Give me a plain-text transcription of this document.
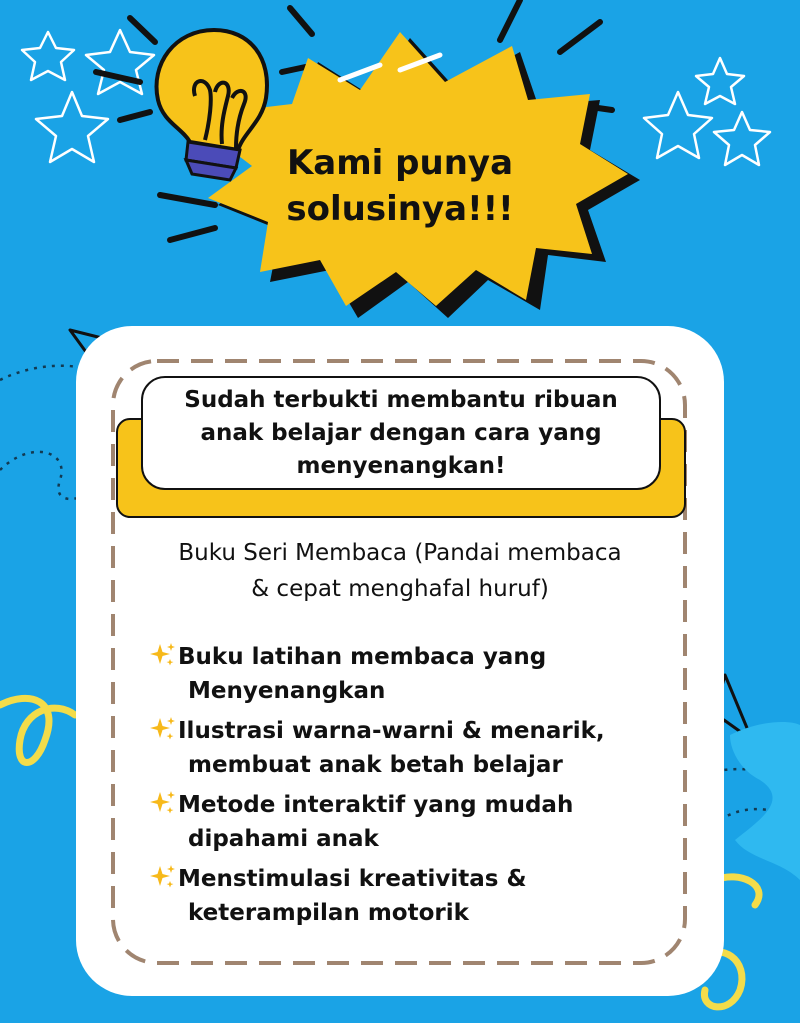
Kami punya
solusinya!!!
Sudah terbukti membantu ribuan anak belajar dengan cara yang menyenangkan!
Buku Seri Membaca (Pandai membaca
& cepat menghafal huruf)
Buku latihan membaca yang
Menyenangkan
Ilustrasi warna-warni & menarik,
membuat anak betah belajar
Metode interaktif yang mudah
dipahami anak
Menstimulasi kreativitas &
keterampilan motorik
